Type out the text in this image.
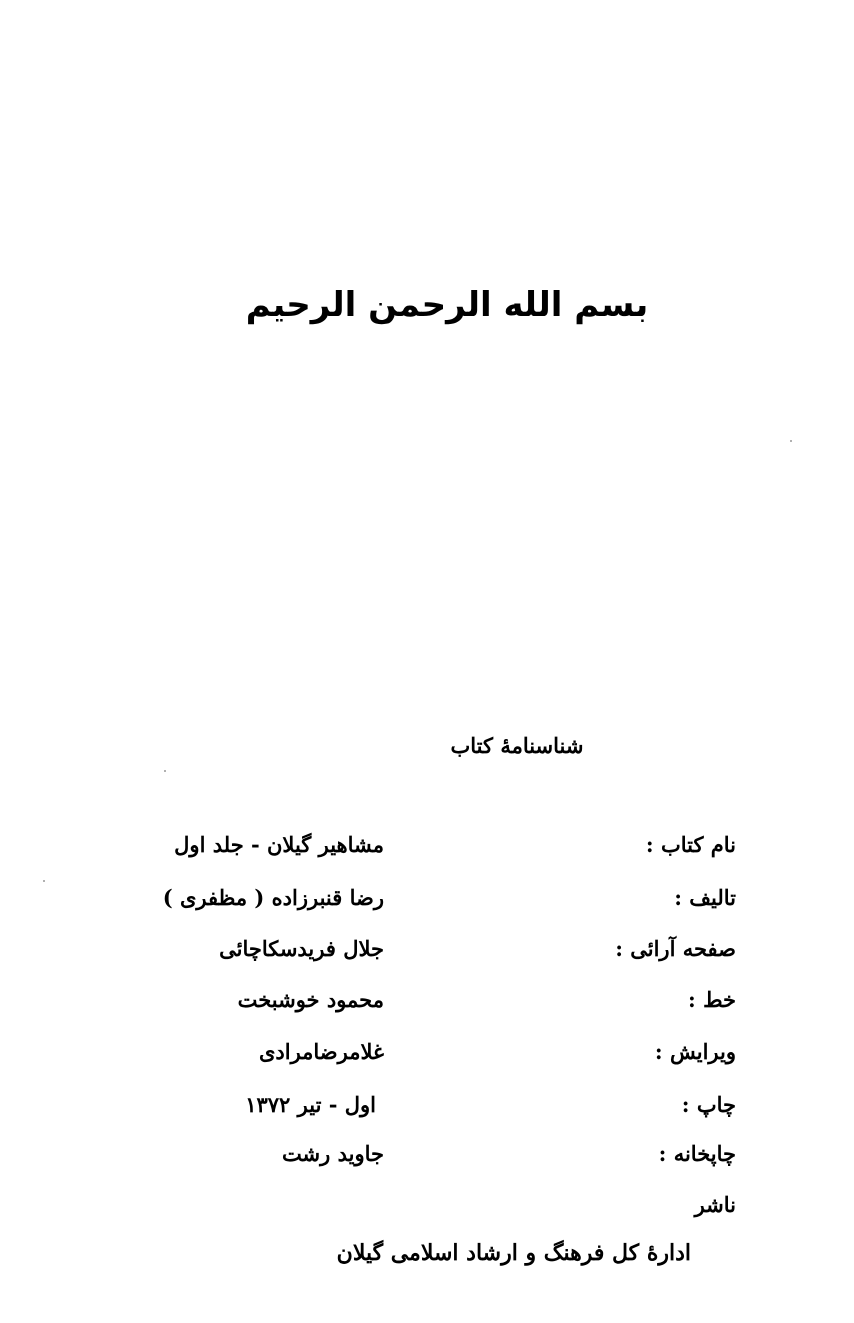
بسم الله الرحمن الرحیم
شناسنامهٔ کتاب
نام کتاب :
مشاهیر گیلان - جلد اول
تالیف :
رضا قنبرزاده ( مظفری )
صفحه آرائی :
جلال فریدسکاچائی
خط :
محمود خوشبخت
ویرایش :
غلامرضامرادی
چاپ :
اول - تیر ۱۳۷۲
چاپخانه :
جاوید رشت
ناشر
ادارهٔ کل فرهنگ و ارشاد اسلامی گیلان
